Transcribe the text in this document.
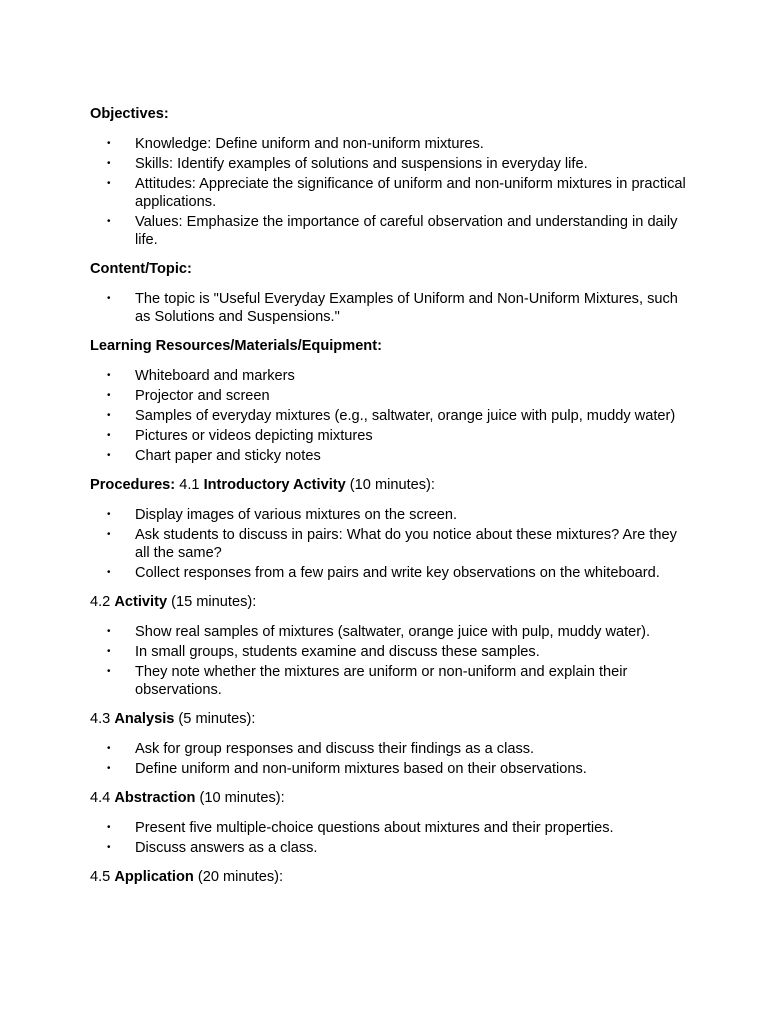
Objectives:
• Knowledge: Define uniform and non-uniform mixtures.
• Skills: Identify examples of solutions and suspensions in everyday life.
• Attitudes: Appreciate the significance of uniform and non-uniform mixtures in practical applications.
• Values: Emphasize the importance of careful observation and understanding in daily life.
Content/Topic:
• The topic is "Useful Everyday Examples of Uniform and Non-Uniform Mixtures, such as Solutions and Suspensions."
Learning Resources/Materials/Equipment:
• Whiteboard and markers
• Projector and screen
• Samples of everyday mixtures (e.g., saltwater, orange juice with pulp, muddy water)
• Pictures or videos depicting mixtures
• Chart paper and sticky notes
Procedures: 4.1 Introductory Activity (10 minutes):
• Display images of various mixtures on the screen.
• Ask students to discuss in pairs: What do you notice about these mixtures? Are they all the same?
• Collect responses from a few pairs and write key observations on the whiteboard.
4.2 Activity (15 minutes):
• Show real samples of mixtures (saltwater, orange juice with pulp, muddy water).
• In small groups, students examine and discuss these samples.
• They note whether the mixtures are uniform or non-uniform and explain their observations.
4.3 Analysis (5 minutes):
• Ask for group responses and discuss their findings as a class.
• Define uniform and non-uniform mixtures based on their observations.
4.4 Abstraction (10 minutes):
• Present five multiple-choice questions about mixtures and their properties.
• Discuss answers as a class.
4.5 Application (20 minutes):
